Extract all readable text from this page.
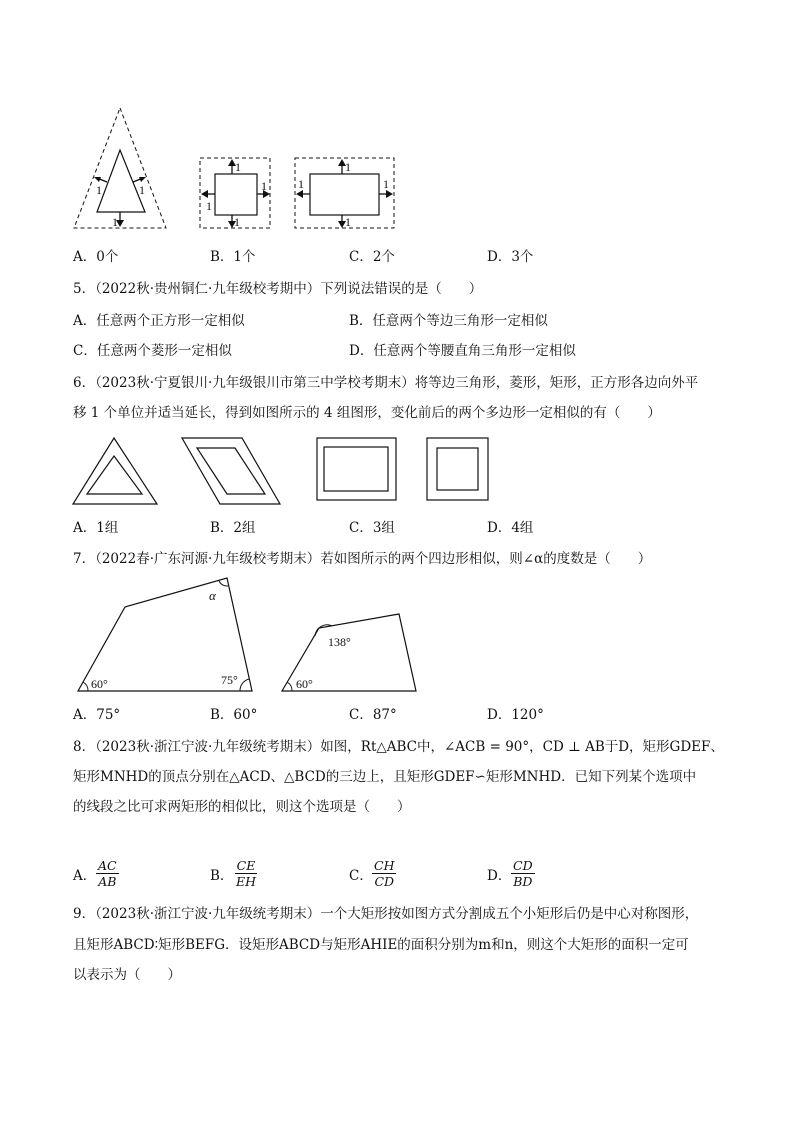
1	1
1
1
1
1
1
1
1	1
1
A．0个	B．1个	C．2个	D．3个
5．（2022秋·贵州铜仁·九年级校考期中）下列说法错误的是（　　）
A．任意两个正方形一定相似	B．任意两个等边三角形一定相似
C．任意两个菱形一定相似	D．任意两个等腰直角三角形一定相似
6．（2023秋·宁夏银川·九年级银川市第三中学校考期末）将等边三角形，菱形，矩形，正方形各边向外平
移 1 个单位并适当延长，得到如图所示的 4 组图形，变化前后的两个多边形一定相似的有（　　）
A．1组	B．2组	C．3组	D．4组
7．（2022春·广东河源·九年级校考期末）若如图所示的两个四边形相似，则∠α的度数是（　　）
α
60°	75°
138°
60°
A．75°	B．60°	C．87°	D．120°
8．（2023秋·浙江宁波·九年级统考期末）如图，Rt△ABC中，∠ACB = 90°，CD ⊥ AB于D，矩形GDEF、
矩形MNHD的顶点分别在△ACD、△BCD的三边上，且矩形GDEF∽矩形MNHD．已知下列某个选项中
的线段之比可求两矩形的相似比，则这个选项是（　　）
A． $\frac{AC}{AB}$	B． $\frac{CE}{EH}$	C． $\frac{CH}{CD}$	D． $\frac{CD}{BD}$
9．（2023秋·浙江宁波·九年级统考期末）一个大矩形按如图方式分割成五个小矩形后仍是中心对称图形，
且矩形ABCD∶矩形BEFG．设矩形ABCD与矩形AHIE的面积分别为m和n，则这个大矩形的面积一定可
以表示为（　　）
